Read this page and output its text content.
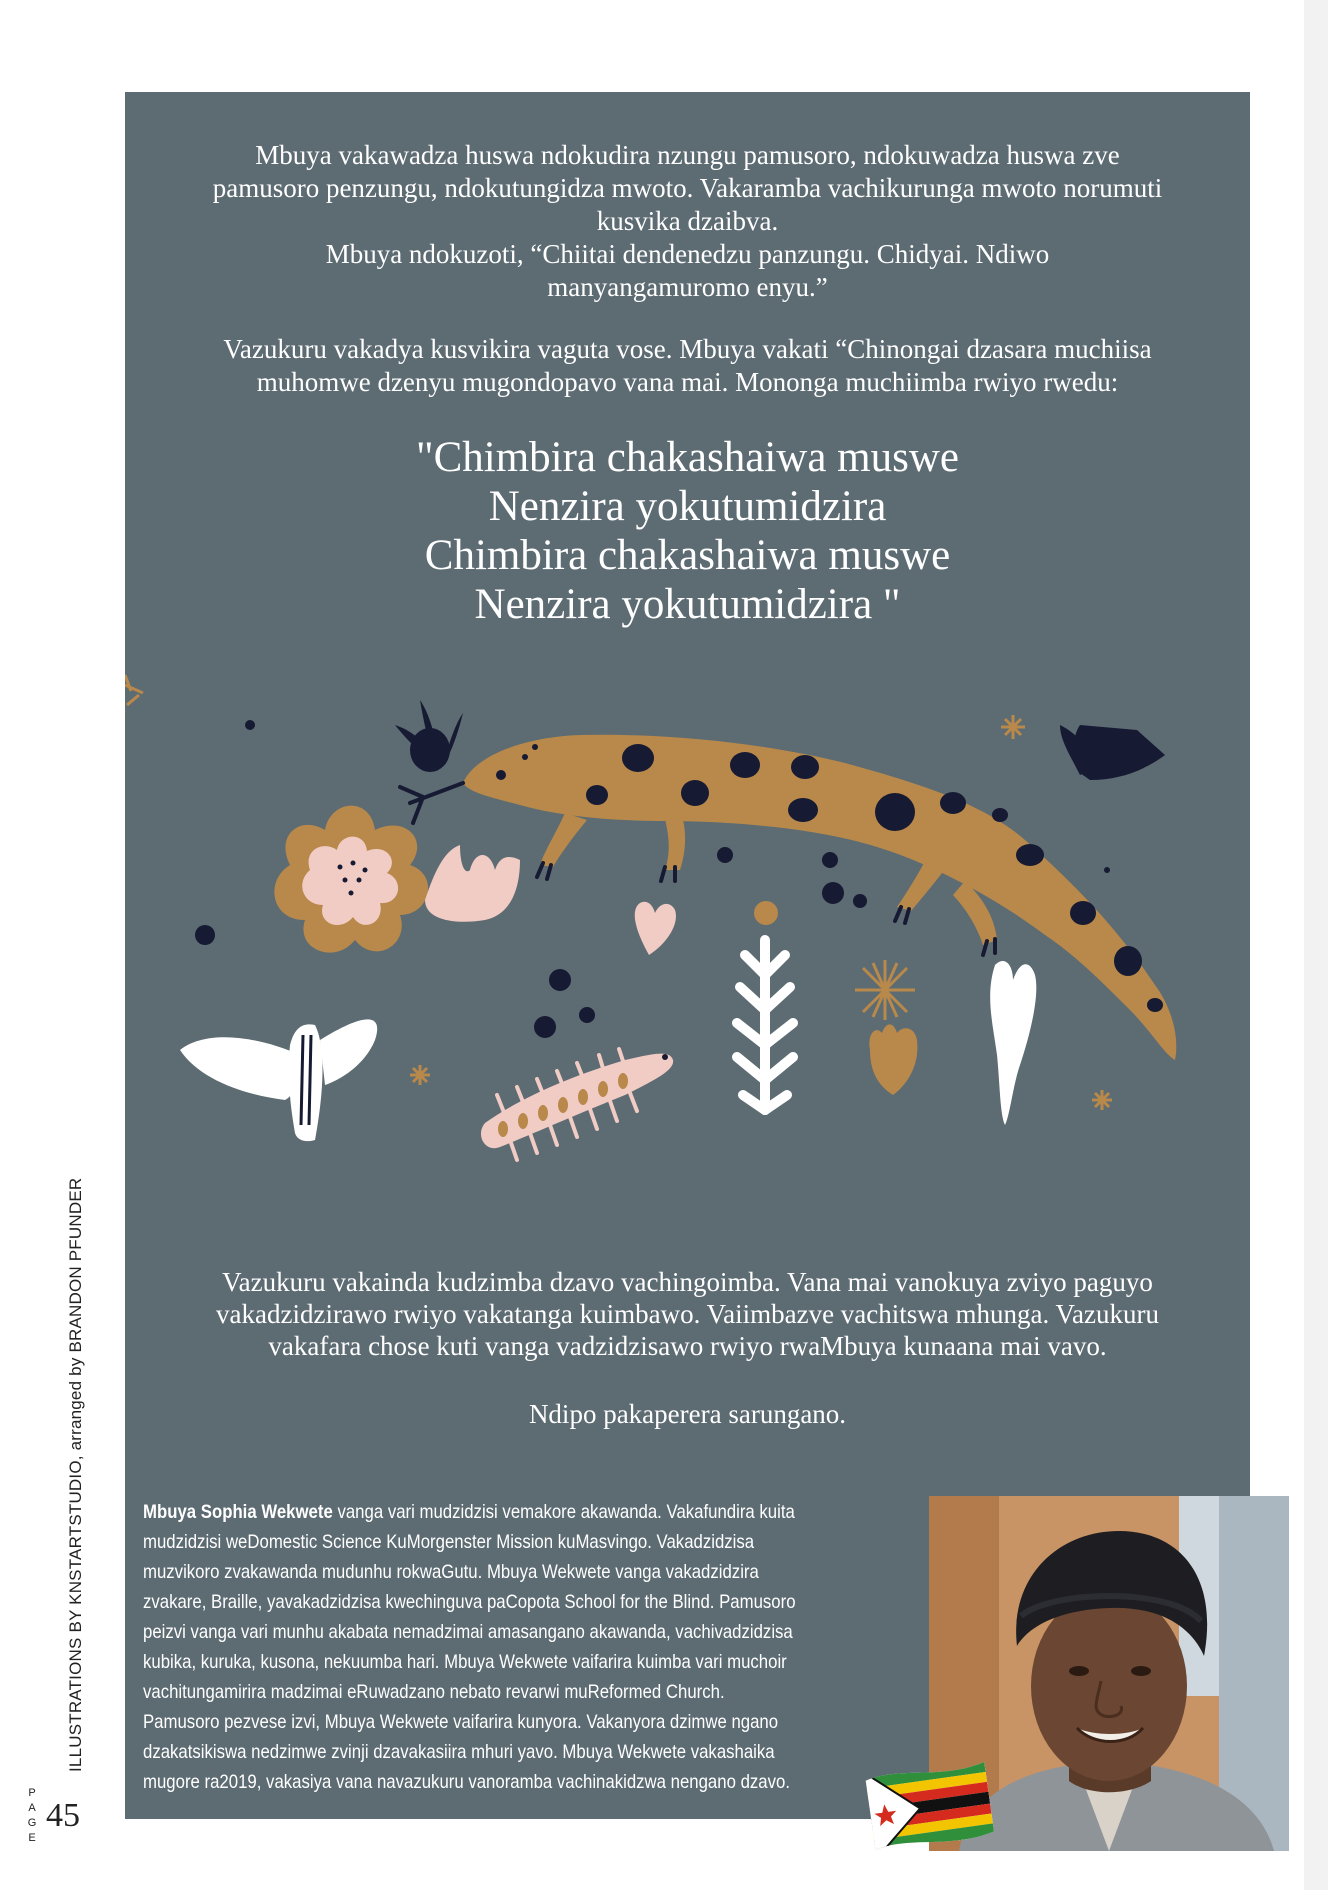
Mbuya vakawadza huswa ndokudira nzungu pamusoro, ndokuwadza huswa zve
pamusoro penzungu, ndokutungidza mwoto. Vakaramba vachikurunga mwoto norumuti
kusvika dzaibva.
Mbuya ndokuzoti, “Chiitai dendenedzu panzungu. Chidyai. Ndiwo
manyangamuromo enyu.”
Vazukuru vakadya kusvikira vaguta vose. Mbuya vakati “Chinongai dzasara muchiisa
muhomwe dzenyu mugondopavo vana mai. Mononga muchiimba rwiyo rwedu:
"Chimbira chakashaiwa muswe
Nenzira yokutumidzira
Chimbira chakashaiwa muswe
Nenzira yokutumidzira "
Vazukuru vakainda kudzimba dzavo vachingoimba. Vana mai vanokuya zviyo paguyo
vakadzidzirawo rwiyo vakatanga kuimbawo. Vaiimbazve vachitswa mhunga. Vazukuru
vakafara chose kuti vanga vadzidzisawo rwiyo rwaMbuya kunaana mai vavo.
Ndipo pakaperera sarungano.
Mbuya Sophia Wekwete vanga vari mudzidzisi vemakore akawanda. Vakafundira kuita
mudzidzisi weDomestic Science KuMorgenster Mission kuMasvingo. Vakadzidzisa
muzvikoro zvakawanda mudunhu rokwaGutu. Mbuya Wekwete vanga vakadzidzira
zvakare, Braille, yavakadzidzisa kwechinguva paCopota School for the Blind. Pamusoro
peizvi vanga vari munhu akabata nemadzimai amasangano akawanda, vachivadzidzisa
kubika, kuruka, kusona, nekuumba hari. Mbuya Wekwete vaifarira kuimba vari muchoir
vachitungamirira madzimai eRuwadzano nebato revarwi muReformed Church.
Pamusoro pezvese izvi, Mbuya Wekwete vaifarira kunyora. Vakanyora dzimwe ngano
dzakatsikiswa nedzimwe zvinji dzavakasiira mhuri yavo. Mbuya Wekwete vakashaika
mugore ra2019, vakasiya vana navazukuru vanoramba vachinakidzwa nengano dzavo.
ILLUSTRATIONS BY KNSTARTSTUDIO, arranged by BRANDON PFUNDER
P
A
G
E
45
